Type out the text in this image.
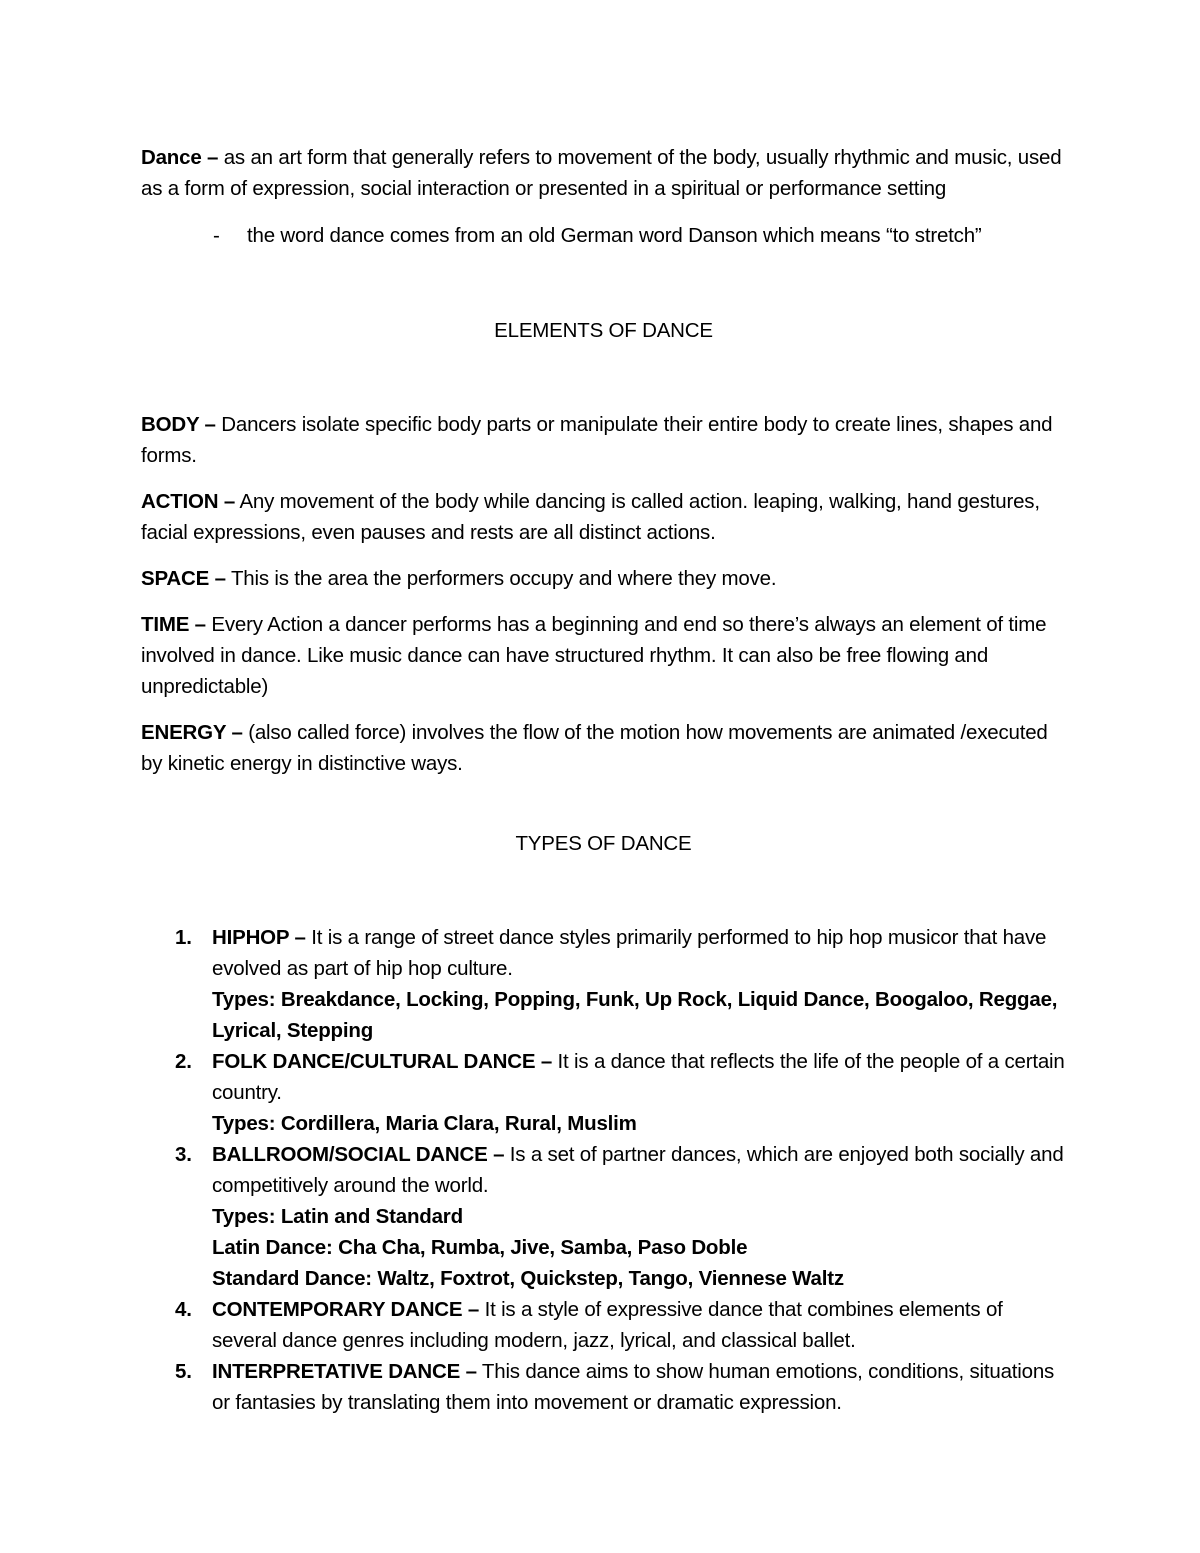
Dance – as an art form that generally refers to movement of the body, usually rhythmic and music, used as a form of expression, social interaction or presented in a spiritual or performance setting

- the word dance comes from an old German word Danson which means “to stretch”

ELEMENTS OF DANCE

BODY – Dancers isolate specific body parts or manipulate their entire body to create lines, shapes and forms.

ACTION – Any movement of the body while dancing is called action. leaping, walking, hand gestures, facial expressions, even pauses and rests are all distinct actions.

SPACE – This is the area the performers occupy and where they move.

TIME – Every Action a dancer performs has a beginning and end so there’s always an element of time involved in dance. Like music dance can have structured rhythm. It can also be free flowing and unpredictable)

ENERGY – (also called force) involves the flow of the motion how movements are animated /executed by kinetic energy in distinctive ways.

TYPES OF DANCE

1. HIPHOP – It is a range of street dance styles primarily performed to hip hop musicor that have evolved as part of hip hop culture.
Types: Breakdance, Locking, Popping, Funk, Up Rock, Liquid Dance, Boogaloo, Reggae, Lyrical, Stepping
2. FOLK DANCE/CULTURAL DANCE – It is a dance that reflects the life of the people of a certain country.
Types: Cordillera, Maria Clara, Rural, Muslim
3. BALLROOM/SOCIAL DANCE – Is a set of partner dances, which are enjoyed both socially and competitively around the world.
Types: Latin and Standard
Latin Dance: Cha Cha, Rumba, Jive, Samba, Paso Doble
Standard Dance: Waltz, Foxtrot, Quickstep, Tango, Viennese Waltz
4. CONTEMPORARY DANCE – It is a style of expressive dance that combines elements of several dance genres including modern, jazz, lyrical, and classical ballet.
5. INTERPRETATIVE DANCE – This dance aims to show human emotions, conditions, situations or fantasies by translating them into movement or dramatic expression.
